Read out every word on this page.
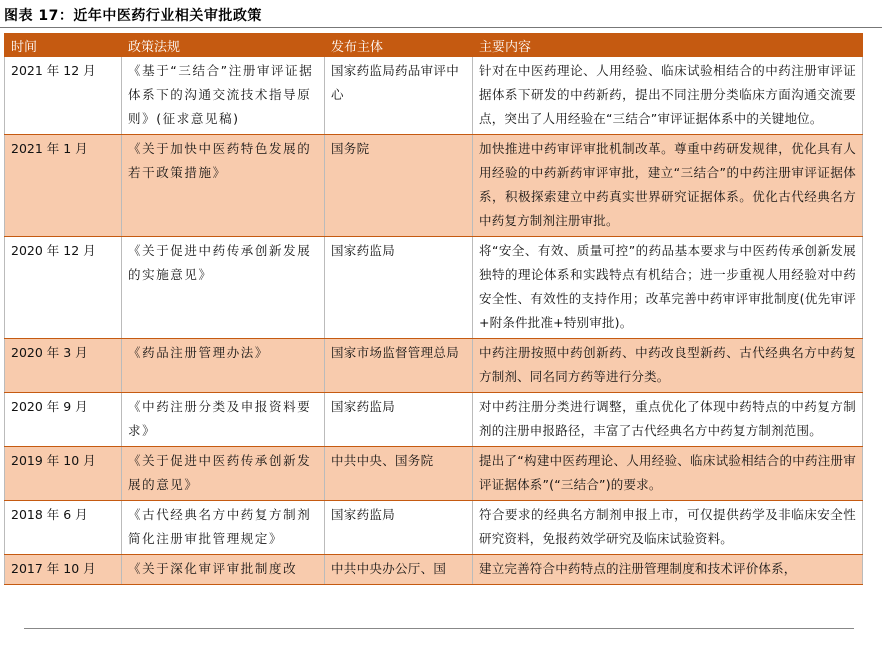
图表 17：近年中医药行业相关审批政策
时间	政策法规	发布主体	主要内容
2021 年 12 月	《基于“三结合”注册审评证据体系下的沟通交流技术指导原则》(征求意见稿)	国家药监局药品审评中心	针对在中医药理论、人用经验、临床试验相结合的中药注册审评证据体系下研发的中药新药，提出不同注册分类临床方面沟通交流要点，突出了人用经验在“三结合”审评证据体系中的关键地位。
2021 年 1 月	《关于加快中医药特色发展的若干政策措施》	国务院	加快推进中药审评审批机制改革。尊重中药研发规律，优化具有人用经验的中药新药审评审批，建立“三结合”的中药注册审评证据体系，积极探索建立中药真实世界研究证据体系。优化古代经典名方中药复方制剂注册审批。
2020 年 12 月	《关于促进中药传承创新发展的实施意见》	国家药监局	将“安全、有效、质量可控”的药品基本要求与中医药传承创新发展独特的理论体系和实践特点有机结合；进一步重视人用经验对中药安全性、有效性的支持作用；改革完善中药审评审批制度(优先审评+附条件批准+特别审批)。
2020 年 3 月	《药品注册管理办法》	国家市场监督管理总局	中药注册按照中药创新药、中药改良型新药、古代经典名方中药复方制剂、同名同方药等进行分类。
2020 年 9 月	《中药注册分类及申报资料要求》	国家药监局	对中药注册分类进行调整，重点优化了体现中药特点的中药复方制剂的注册申报路径，丰富了古代经典名方中药复方制剂范围。
2019 年 10 月	《关于促进中医药传承创新发展的意见》	中共中央、国务院	提出了“构建中医药理论、人用经验、临床试验相结合的中药注册审评证据体系”(“三结合”)的要求。
2018 年 6 月	《古代经典名方中药复方制剂简化注册审批管理规定》	国家药监局	符合要求的经典名方制剂申报上市，可仅提供药学及非临床安全性研究资料，免报药效学研究及临床试验资料。
2017 年 10 月	《关于深化审评审批制度改	中共中央办公厅、国	建立完善符合中药特点的注册管理制度和技术评价体系，
